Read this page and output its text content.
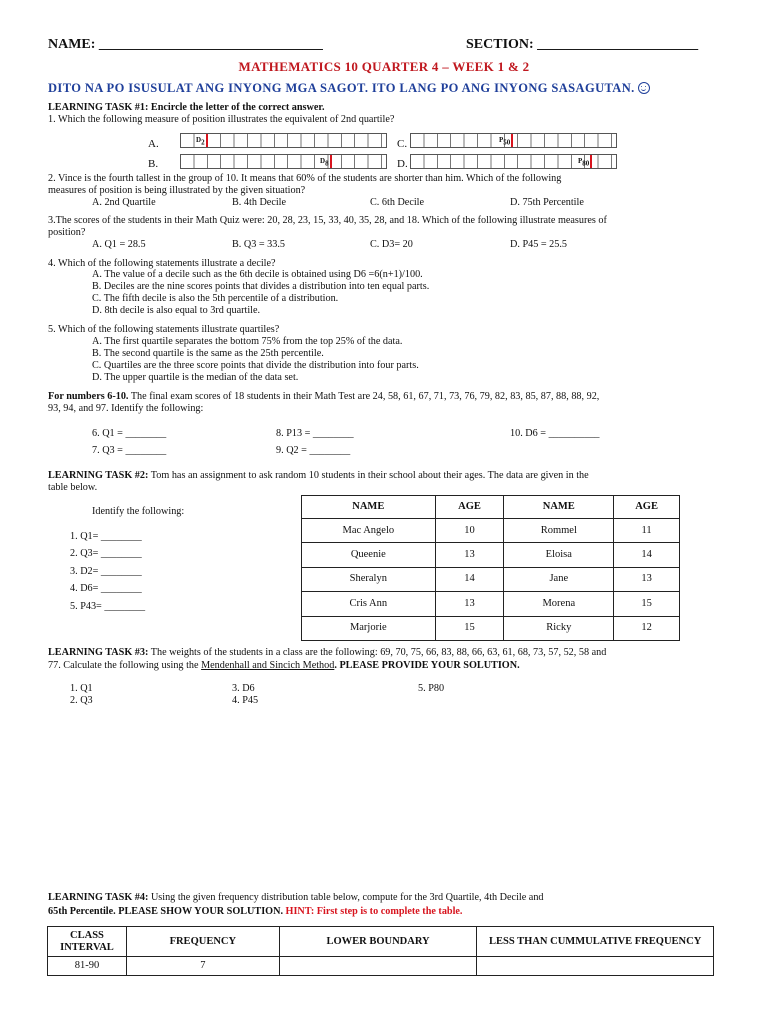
NAME: ________________________________	SECTION: _______________________
MATHEMATICS 10 QUARTER 4 – WEEK 1 & 2
DITO NA PO ISUSULAT ANG INYONG MGA SAGOT. ITO LANG PO ANG INYONG SASAGUTAN.
LEARNING TASK #1: Encircle the letter of the correct answer.
1. Which the following measure of position illustrates the equivalent of 2nd quartile?
A.	$D_2$	C.	$P_{50}$
B.	$D_8$	D.	$P_{80}$
2. Vince is the fourth tallest in the group of 10. It means that 60% of the students are shorter than him. Which of the following
measures of position is being illustrated by the given situation?
A. 2nd Quartile	B. 4th Decile	C. 6th Decile	D. 75th Percentile
3.The scores of the students in their Math Quiz were: 20, 28, 23, 15, 33, 40, 35, 28, and 18. Which of the following illustrate measures of
position?
A. Q1 = 28.5	B. Q3 = 33.5	C. D3= 20	D. P45 = 25.5
4. Which of the following statements illustrate a decile?
A. The value of a decile such as the 6th decile is obtained using D6 =6(n+1)/100.
B. Deciles are the nine scores points that divides a distribution into ten equal parts.
C. The fifth decile is also the 5th percentile of a distribution.
D. 8th decile is also equal to 3rd quartile.
5. Which of the following statements illustrate quartiles?
A. The first quartile separates the bottom 75% from the top 25% of the data.
B. The second quartile is the same as the 25th percentile.
C. Quartiles are the three score points that divide the distribution into four parts.
D. The upper quartile is the median of the data set.
For numbers 6-10. The final exam scores of 18 students in their Math Test are 24, 58, 61, 67, 71, 73, 76, 79, 82, 83, 85, 87, 88, 88, 92,
93, 94, and 97. Identify the following:
6. Q1 = ________
7. Q3 = ________
8. P13 = ________
9. Q2 = ________
10. D6 = __________
LEARNING TASK #2: Tom has an assignment to ask random 10 students in their school about their ages. The data are given in the
table below.
Identify the following:
1. Q1= ________
2. Q3= ________
3. D2= ________
4. D6= ________
5. P43= ________
NAME	AGE	NAME	AGE
Mac Angelo	10	Rommel	11
Queenie	13	Eloisa	14
Sheralyn	14	Jane	13
Cris Ann	13	Morena	15
Marjorie	15	Ricky	12
LEARNING TASK #3: The weights of the students in a class are the following: 69, 70, 75, 66, 83, 88, 66, 63, 61, 68, 73, 57, 52, 58 and
77. Calculate the following using the Mendenhall and Sincich Method. PLEASE PROVIDE YOUR SOLUTION.
1. Q1
2. Q3
3. D6
4. P45
5. P80
LEARNING TASK #4: Using the given frequency distribution table below, compute for the 3rd Quartile, 4th Decile and
65th Percentile. PLEASE SHOW YOUR SOLUTION. HINT: First step is to complete the table.
CLASS INTERVAL	FREQUENCY	LOWER BOUNDARY	LESS THAN CUMMULATIVE FREQUENCY
81-90	7		
